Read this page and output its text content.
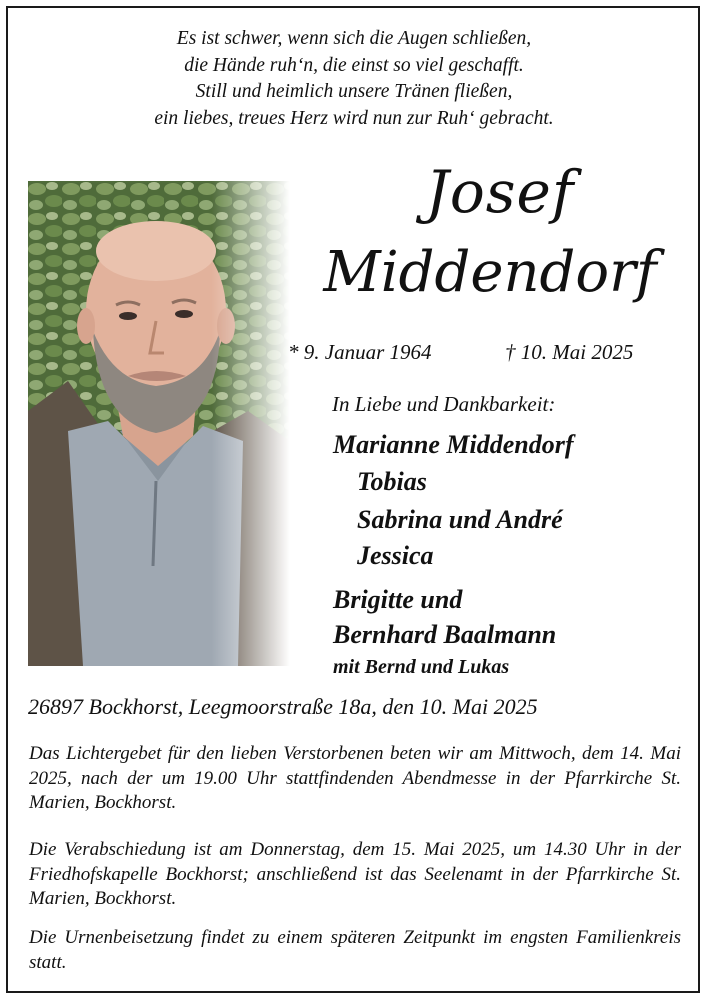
Es ist schwer, wenn sich die Augen schließen,
die Hände ruh‘n, die einst so viel geschafft.
Still und heimlich unsere Tränen fließen,
ein liebes, treues Herz wird nun zur Ruh‘ gebracht.
Josef
Middendorf
* 9. Januar 1964	† 10. Mai 2025
In Liebe und Dankbarkeit:
Marianne Middendorf
Tobias
Sabrina und André
Jessica
Brigitte und
Bernhard Baalmann
mit Bernd und Lukas
26897 Bockhorst, Leegmoorstraße 18a, den 10. Mai 2025
Das Lichtergebet für den lieben Verstorbenen beten wir am Mittwoch, dem 14. Mai 2025, nach der um 19.00 Uhr stattfindenden Abendmesse in der Pfarrkirche St. Marien, Bockhorst.
Die Verabschiedung ist am Donnerstag, dem 15. Mai 2025, um 14.30 Uhr in der Friedhofskapelle Bockhorst; anschließend ist das Seelenamt in der Pfarrkirche St. Marien, Bockhorst.
Die Urnenbeisetzung findet zu einem späteren Zeitpunkt im engsten Familienkreis statt.
